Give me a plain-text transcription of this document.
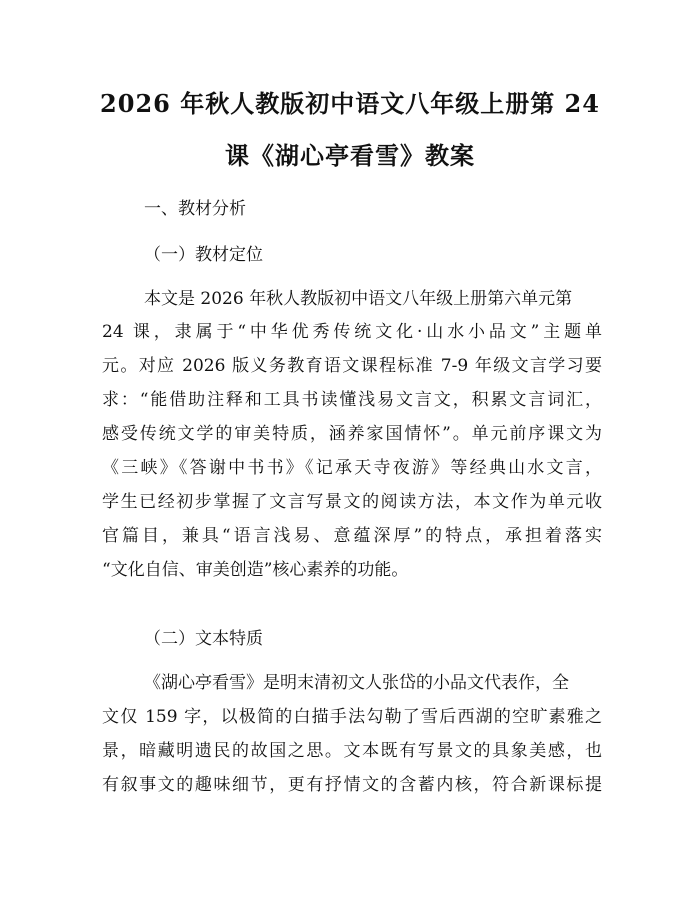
2026 年秋人教版初中语文八年级上册第 24
课《湖心亭看雪》教案
一、教材分析
（一）教材定位
本文是 2026 年秋人教版初中语文八年级上册第六单元第
24 课，隶属于“中华优秀传统文化·山水小品文”主题单
元。对应 2026 版义务教育语文课程标准 7-9 年级文言学习要
求：“能借助注释和工具书读懂浅易文言文，积累文言词汇，
感受传统文学的审美特质，涵养家国情怀”。单元前序课文为
《三峡》《答谢中书书》《记承天寺夜游》等经典山水文言，
学生已经初步掌握了文言写景文的阅读方法，本文作为单元收
官篇目，兼具“语言浅易、意蕴深厚”的特点，承担着落实
“文化自信、审美创造”核心素养的功能。
（二）文本特质
《湖心亭看雪》是明末清初文人张岱的小品文代表作，全
文仅 159 字，以极简的白描手法勾勒了雪后西湖的空旷素雅之
景，暗藏明遗民的故国之思。文本既有写景文的具象美感，也
有叙事文的趣味细节，更有抒情文的含蓄内核，符合新课标提
